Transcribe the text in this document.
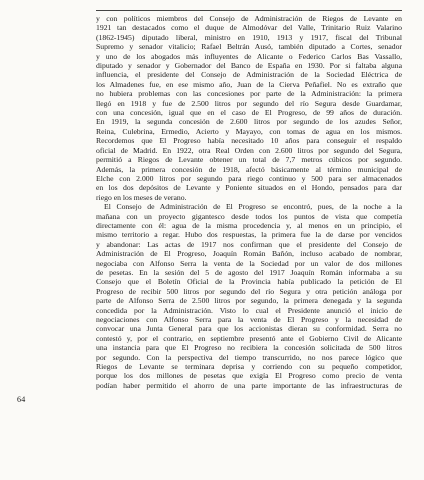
y con políticos miembros del Consejo de Administración de Riegos de Levante en
1921 tan destacados como el duque de Almodóvar del Valle, Trinitario Ruiz Valarino
(1862-1945) diputado liberal, ministro en 1910, 1913 y 1917, fiscal del Tribunal
Supremo y senador vitalicio; Rafael Beltrán Ausó, también diputado a Cortes, senador
y uno de los abogados más influyentes de Alicante o Federico Carlos Bas Vassallo,
diputado y senador y Gobernador del Banco de España en 1930. Por si faltaba alguna
influencia, el presidente del Consejo de Administración de la Sociedad Eléctrica de
los Almadenes fue, en ese mismo año, Juan de la Cierva Peñafiel. No es extraño que
no hubiera problemas con las concesiones por parte de la Administración: la primera
llegó en 1918 y fue de 2.500 litros por segundo del río Segura desde Guardamar,
con una concesión, igual que en el caso de El Progreso, de 99 años de duración.
En 1919, la segunda concesión de 2.600 litros por segundo de los azudes Señor,
Reina, Culebrina, Ermedio, Acierto y Mayayo, con tomas de agua en los mismos.
Recordemos que El Progreso había necesitado 10 años para conseguir el respaldo
oficial de Madrid. En 1922, otra Real Orden con 2.600 litros por segundo del Segura,
permitió a Riegos de Levante obtener un total de 7,7 metros cúbicos por segundo.
Además, la primera concesión de 1918, afectó básicamente al término municipal de
Elche con 2.000 litros por segundo para riego continuo y 500 para ser almacenados
en los dos depósitos de Levante y Poniente situados en el Hondo, pensados para dar
riego en los meses de verano.
El Consejo de Administración de El Progreso se encontró, pues, de la noche a la
mañana con un proyecto gigantesco desde todos los puntos de vista que competía
directamente con él: agua de la misma procedencia y, al menos en un principio, el
mismo territorio a regar. Hubo dos respuestas, la primera fue la de darse por vencidos
y abandonar: Las actas de 1917 nos confirman que el presidente del Consejo de
Administración de El Progreso, Joaquín Román Bañón, incluso acabado de nombrar,
negociaba con Alfonso Serra la venta de la Sociedad por un valor de dos millones
de pesetas. En la sesión del 5 de agosto del 1917 Joaquín Román informaba a su
Consejo que el Boletín Oficial de la Provincia había publicado la petición de El
Progreso de recibir 500 litros por segundo del río Segura y otra petición análoga por
parte de Alfonso Serra de 2.500 litros por segundo, la primera denegada y la segunda
concedida por la Administración. Visto lo cual el Presidente anunció el inicio de
negociaciones con Alfonso Serra para la venta de El Progreso y la necesidad de
convocar una Junta General para que los accionistas dieran su conformidad. Serra no
contestó y, por el contrario, en septiembre presentó ante el Gobierno Civil de Alicante
una instancia para que El Progreso no recibiera la concesión solicitada de 500 litros
por segundo. Con la perspectiva del tiempo transcurrido, no nos parece lógico que
Riegos de Levante se terminara deprisa y corriendo con su pequeño competidor,
porque los dos millones de pesetas que exigía El Progreso como precio de venta
podían haber permitido el ahorro de una parte importante de las infraestructuras de
64
